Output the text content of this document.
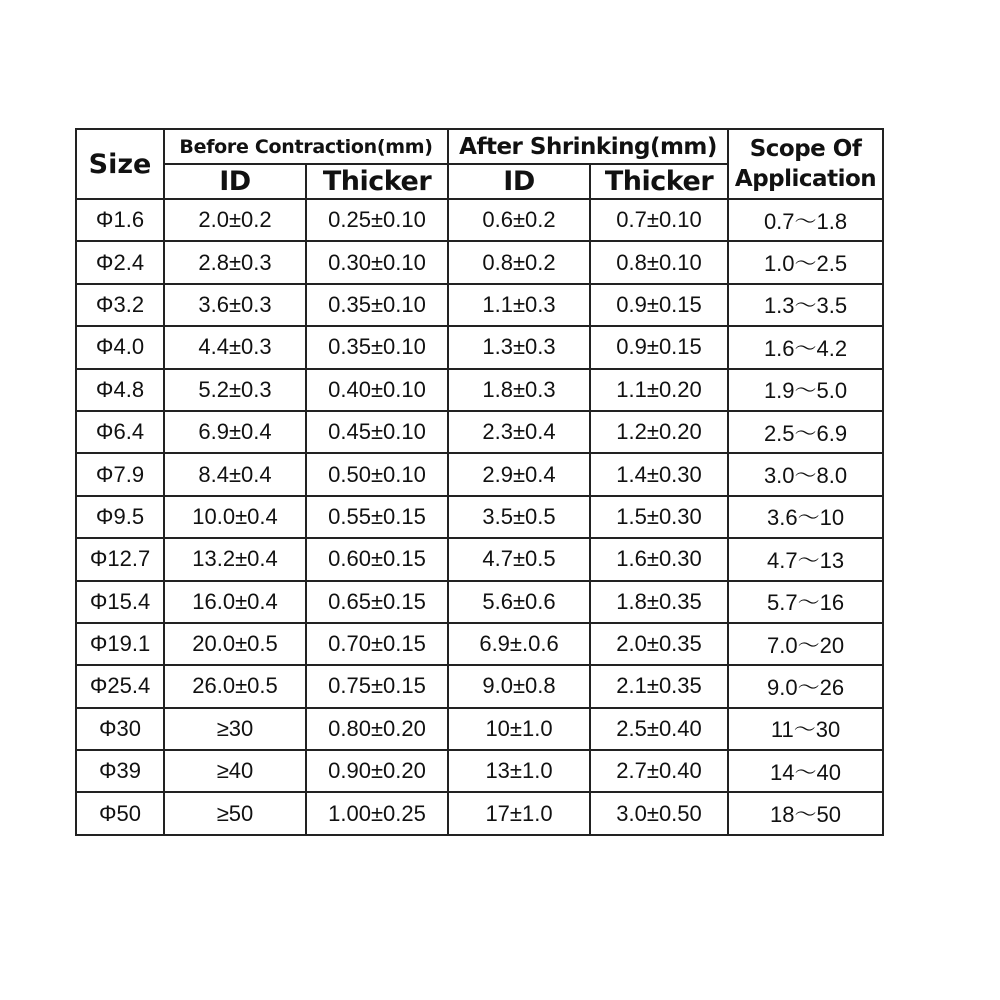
Size	Before Contraction(mm)		After Shrinking(mm)		Scope Of
Application

	ID	Thicker	ID	Thicker	
Φ1.6	2.0±0.2	0.25±0.10	0.6±0.2	0.7±0.10	0.7～1.8
Φ2.4	2.8±0.3	0.30±0.10	0.8±0.2	0.8±0.10	1.0～2.5
Φ3.2	3.6±0.3	0.35±0.10	1.1±0.3	0.9±0.15	1.3～3.5
Φ4.0	4.4±0.3	0.35±0.10	1.3±0.3	0.9±0.15	1.6～4.2
Φ4.8	5.2±0.3	0.40±0.10	1.8±0.3	1.1±0.20	1.9～5.0
Φ6.4	6.9±0.4	0.45±0.10	2.3±0.4	1.2±0.20	2.5～6.9
Φ7.9	8.4±0.4	0.50±0.10	2.9±0.4	1.4±0.30	3.0～8.0
Φ9.5	10.0±0.4	0.55±0.15	3.5±0.5	1.5±0.30	3.6～10
Φ12.7	13.2±0.4	0.60±0.15	4.7±0.5	1.6±0.30	4.7～13
Φ15.4	16.0±0.4	0.65±0.15	5.6±0.6	1.8±0.35	5.7～16
Φ19.1	20.0±0.5	0.70±0.15	6.9±.0.6	2.0±0.35	7.0～20
Φ25.4	26.0±0.5	0.75±0.15	9.0±0.8	2.1±0.35	9.0～26
Φ30	≥30	0.80±0.20	10±1.0	2.5±0.40	11～30
Φ39	≥40	0.90±0.20	13±1.0	2.7±0.40	14～40
Φ50	≥50	1.00±0.25	17±1.0	3.0±0.50	18～50
